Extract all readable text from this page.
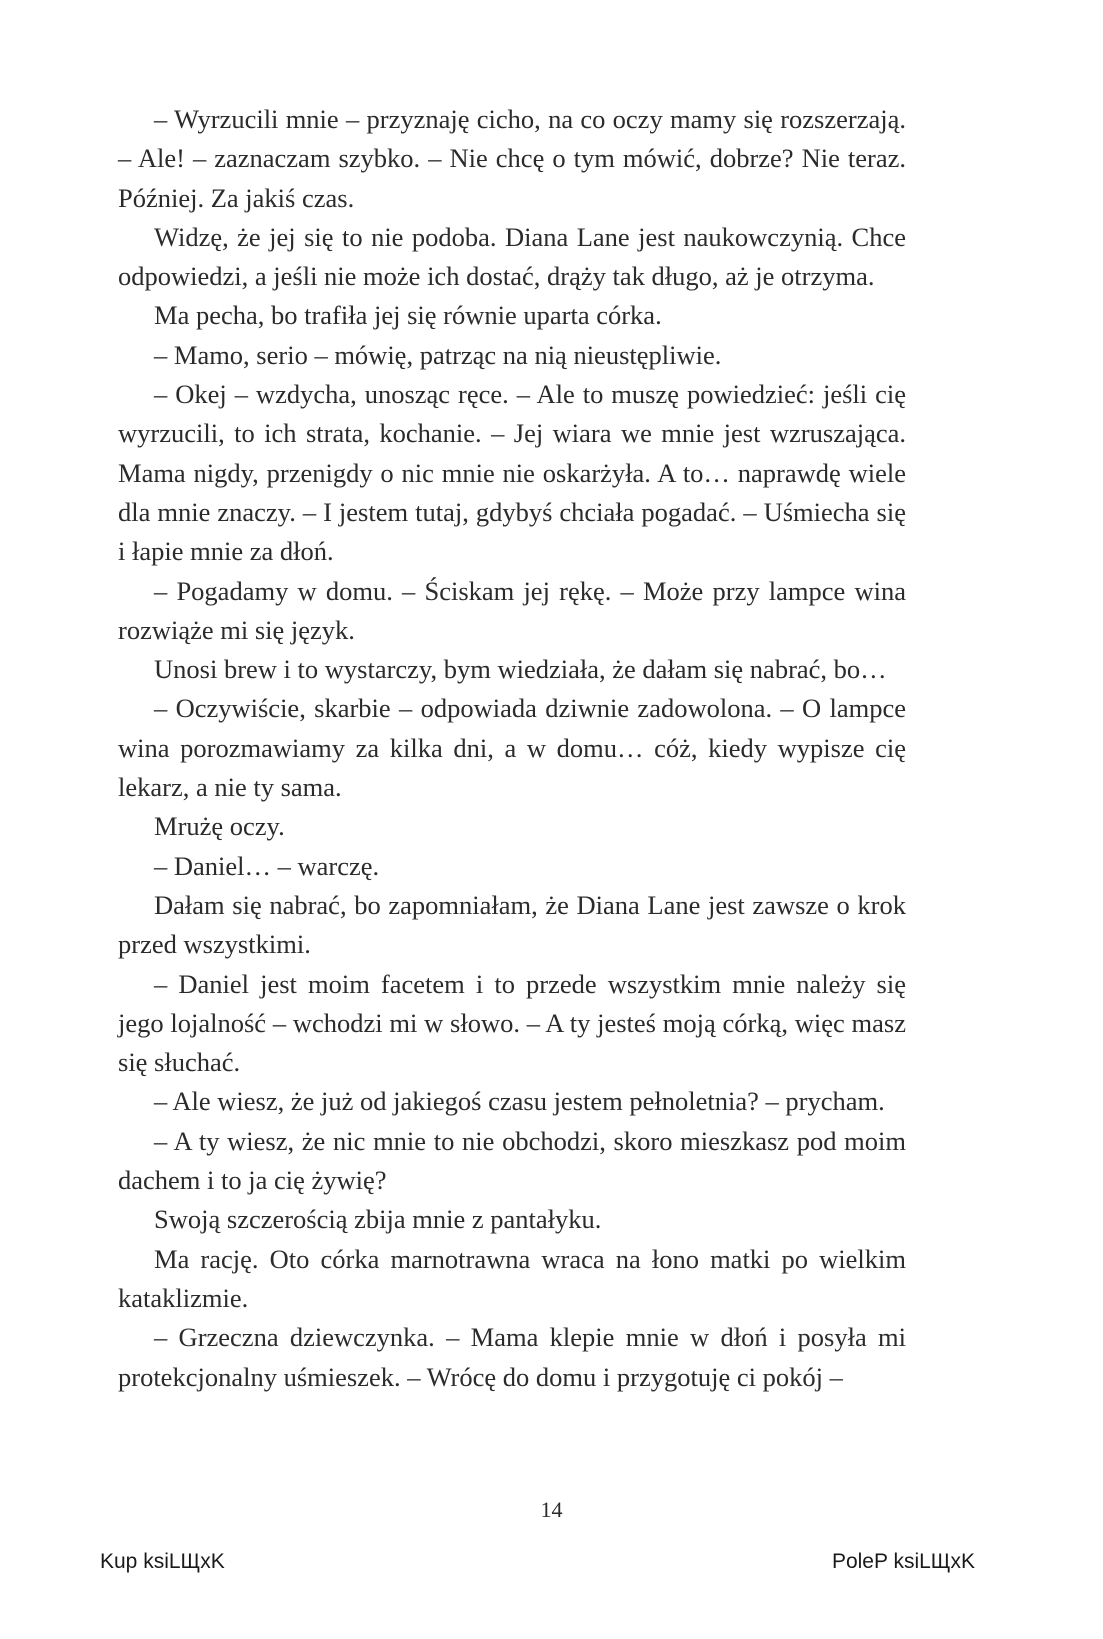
– Wyrzucili mnie – przyznaję cicho, na co oczy mamy się rozszerzają. – Ale! – zaznaczam szybko. – Nie chcę o tym mówić, dobrze? Nie teraz. Później. Za jakiś czas.

Widzę, że jej się to nie podoba. Diana Lane jest naukowczynią. Chce odpowiedzi, a jeśli nie może ich dostać, drąży tak długo, aż je otrzyma.

Ma pecha, bo trafiła jej się równie uparta córka.

– Mamo, serio – mówię, patrząc na nią nieustępliwie.

– Okej – wzdycha, unosząc ręce. – Ale to muszę powiedzieć: jeśli cię wyrzucili, to ich strata, kochanie. – Jej wiara we mnie jest wzruszająca. Mama nigdy, przenigdy o nic mnie nie oskarżyła. A to… naprawdę wiele dla mnie znaczy. – I jestem tutaj, gdybyś chciała pogadać. – Uśmiecha się i łapie mnie za dłoń.

– Pogadamy w domu. – Ściskam jej rękę. – Może przy lampce wina rozwiąże mi się język.

Unosi brew i to wystarczy, bym wiedziała, że dałam się nabrać, bo…

– Oczywiście, skarbie – odpowiada dziwnie zadowolona. – O lampce wina porozmawiamy za kilka dni, a w domu… cóż, kiedy wypisze cię lekarz, a nie ty sama.

Mrużę oczy.

– Daniel… – warczę.

Dałam się nabrać, bo zapomniałam, że Diana Lane jest zawsze o krok przed wszystkimi.

– Daniel jest moim facetem i to przede wszystkim mnie należy się jego lojalność – wchodzi mi w słowo. – A ty jesteś moją córką, więc masz się słuchać.

– Ale wiesz, że już od jakiegoś czasu jestem pełnoletnia? – prycham.

– A ty wiesz, że nic mnie to nie obchodzi, skoro mieszkasz pod moim dachem i to ja cię żywię?

Swoją szczerością zbija mnie z pantałyku.

Ma rację. Oto córka marnotrawna wraca na łono matki po wielkim kataklizmie.

– Grzeczna dziewczynka. – Mama klepie mnie w dłoń i posyła mi protekcjonalny uśmieszek. – Wrócę do domu i przygotuję ci pokój –

14
Kup ksiLЩxK	PoleP ksiLЩxK
